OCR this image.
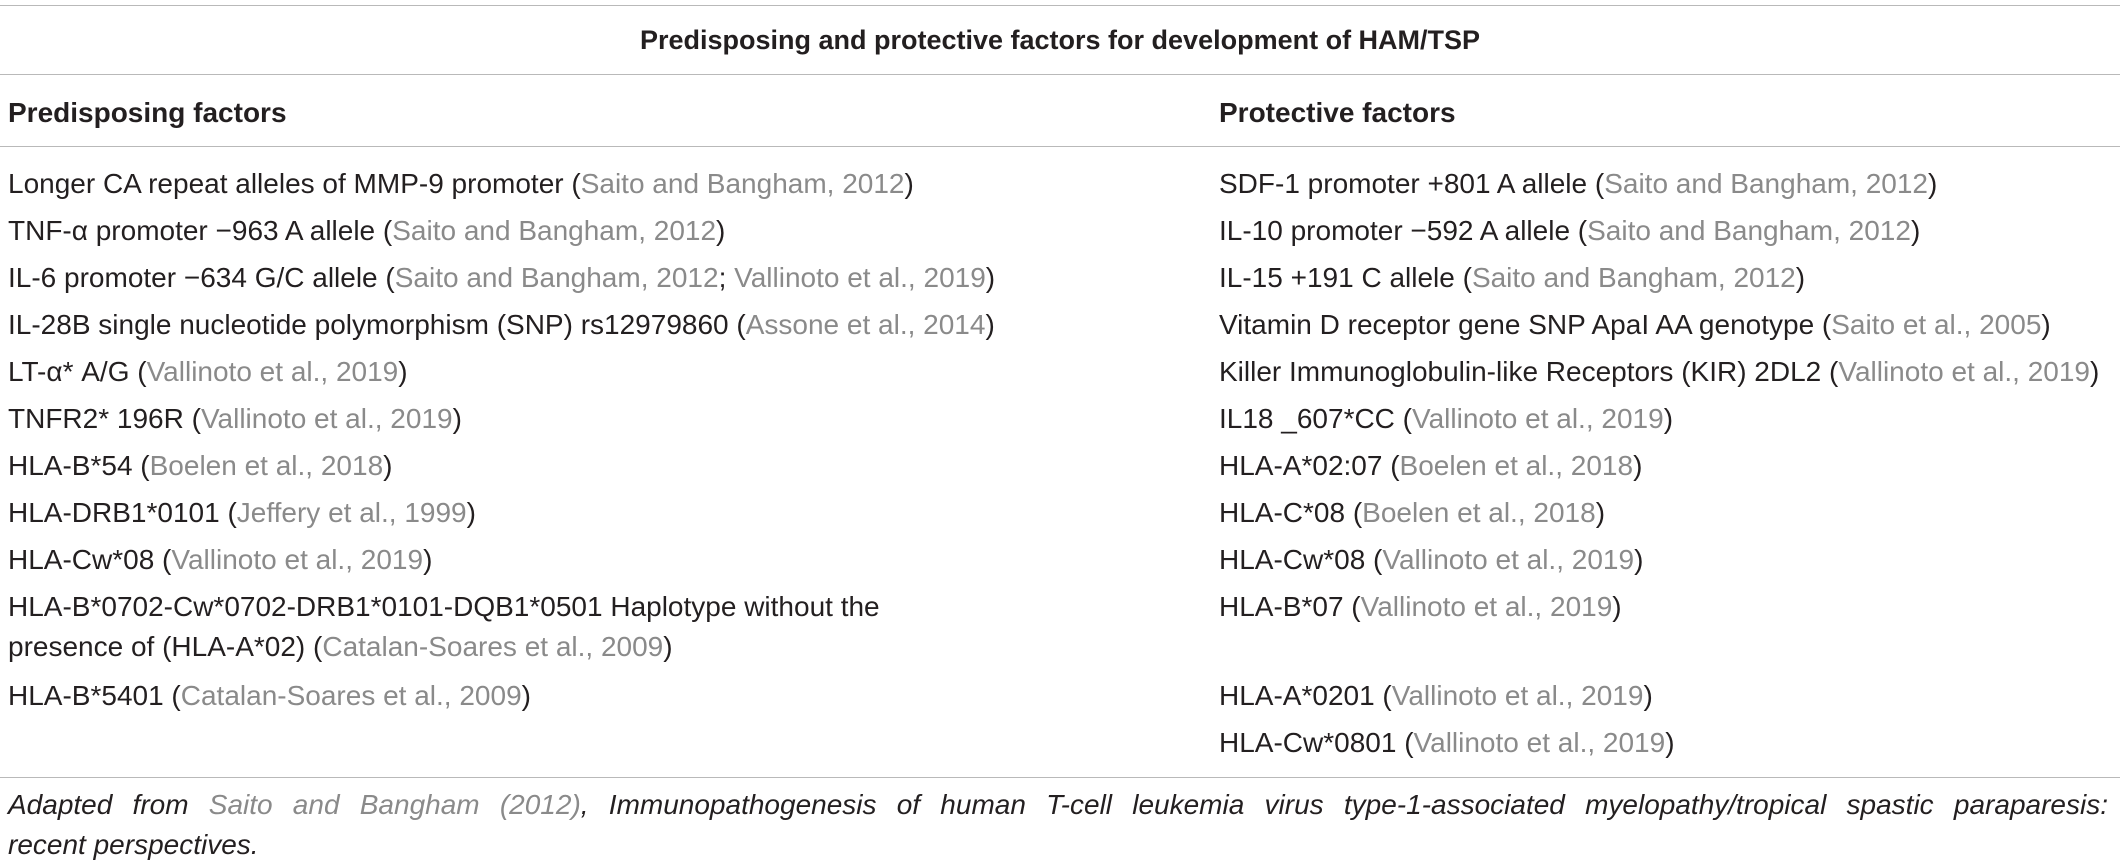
Predisposing and protective factors for development of HAM/TSP
Predisposing factors	Protective factors
Longer CA repeat alleles of MMP-9 promoter (Saito and Bangham, 2012)
TNF-α promoter −963 A allele (Saito and Bangham, 2012)
IL-6 promoter −634 G/C allele (Saito and Bangham, 2012; Vallinoto et al., 2019)
IL-28B single nucleotide polymorphism (SNP) rs12979860 (Assone et al., 2014)
LT-α* A/G (Vallinoto et al., 2019)
TNFR2* 196R (Vallinoto et al., 2019)
HLA-B*54 (Boelen et al., 2018)
HLA-DRB1*0101 (Jeffery et al., 1999)
HLA-Cw*08 (Vallinoto et al., 2019)
HLA-B*0702-Cw*0702-DRB1*0101-DQB1*0501 Haplotype without the
presence of (HLA-A*02) (Catalan-Soares et al., 2009)
HLA-B*5401 (Catalan-Soares et al., 2009)
SDF-1 promoter +801 A allele (Saito and Bangham, 2012)
IL-10 promoter −592 A allele (Saito and Bangham, 2012)
IL-15 +191 C allele (Saito and Bangham, 2012)
Vitamin D receptor gene SNP ApaI AA genotype (Saito et al., 2005)
Killer Immunoglobulin-like Receptors (KIR) 2DL2 (Vallinoto et al., 2019)
IL18 _607*CC (Vallinoto et al., 2019)
HLA-A*02:07 (Boelen et al., 2018)
HLA-C*08 (Boelen et al., 2018)
HLA-Cw*08 (Vallinoto et al., 2019)
HLA-B*07 (Vallinoto et al., 2019)
HLA-A*0201 (Vallinoto et al., 2019)
HLA-Cw*0801 (Vallinoto et al., 2019)
Adapted from Saito and Bangham (2012), Immunopathogenesis of human T-cell leukemia virus type-1-associated myelopathy/tropical spastic paraparesis:
recent perspectives.
